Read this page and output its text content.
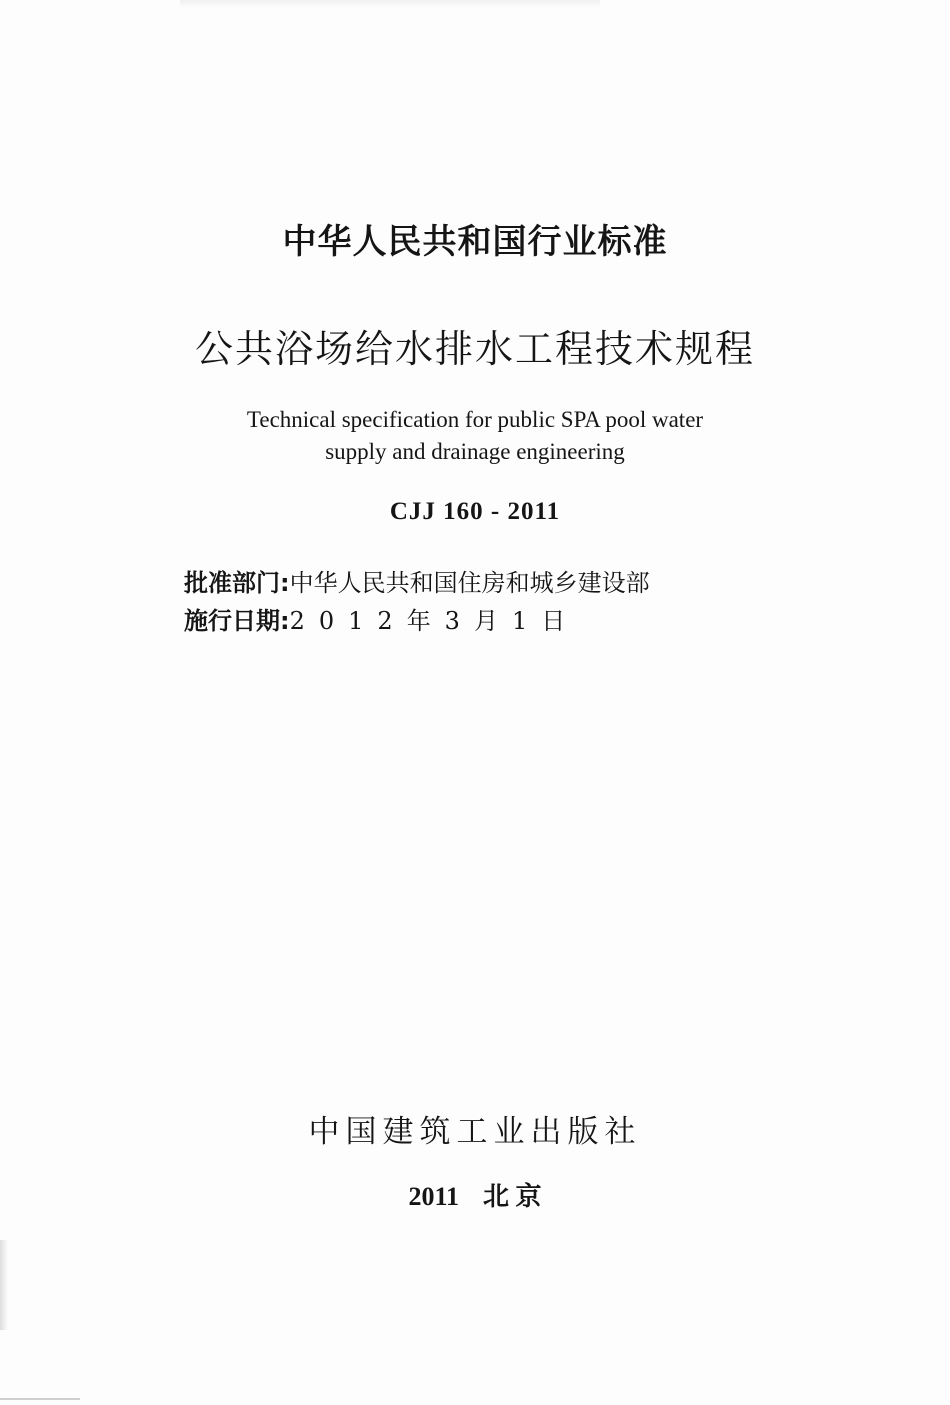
中华人民共和国行业标准
公共浴场给水排水工程技术规程
Technical specification for public SPA pool water
supply and drainage engineering
CJJ 160 - 2011
批准部门: 中华人民共和国住房和城乡建设部
施行日期: 2012年3月1日
中国建筑工业出版社
2011 北 京
